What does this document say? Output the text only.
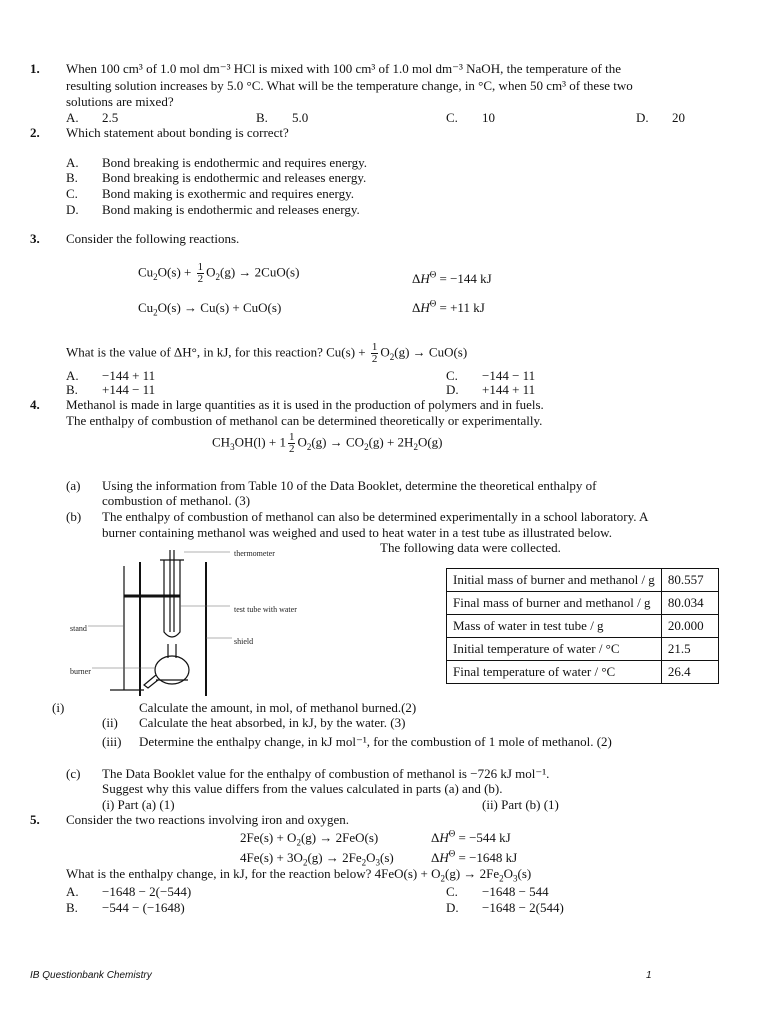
1. When 100 cm³ of 1.0 mol dm⁻³ HCl is mixed with 100 cm³ of 1.0 mol dm⁻³ NaOH, the temperature of the
resulting solution increases by 5.0 °C. What will be the temperature change, in °C, when 50 cm³ of these two
solutions are mixed?
A. 2.5	B. 5.0	C. 10	D. 20
2. Which statement about bonding is correct?
A. Bond breaking is endothermic and requires energy.
B. Bond breaking is endothermic and releases energy.
C. Bond making is exothermic and requires energy.
D. Bond making is endothermic and releases energy.
3. Consider the following reactions.
$Cu_2O(s) + \frac{1}{2} O_2(g) \to 2CuO(s)$	$\Delta H^\Theta = -144$ kJ
$Cu_2O(s) \to Cu(s) + CuO(s)$	$\Delta H^\Theta = +11$ kJ
What is the value of ΔH°, in kJ, for this reaction? $Cu(s) + \frac{1}{2} O_2(g) \to CuO(s)$
A. −144 + 11
B. +144 − 11
C. −144 − 11
D. +144 + 11
4. Methanol is made in large quantities as it is used in the production of polymers and in fuels.
The enthalpy of combustion of methanol can be determined theoretically or experimentally.
$CH_3OH(l) + 1 \frac{1}{2} O_2(g) \to CO_2(g) + 2H_2O(g)$
(a) Using the information from Table 10 of the Data Booklet, determine the theoretical enthalpy of
combustion of methanol. (3)
(b) The enthalpy of combustion of methanol can also be determined experimentally in a school laboratory. A
burner containing methanol was weighed and used to heat water in a test tube as illustrated below.
The following data were collected.
thermometer
test tube with water
stand
shield
burner
Initial mass of burner and methanol / g	80.557
Final mass of burner and methanol / g	80.034
Mass of water in test tube / g	20.000
Initial temperature of water / °C	21.5
Final temperature of water / °C	26.4
(i)	Calculate the amount, in mol, of methanol burned.(2)
(ii) Calculate the heat absorbed, in kJ, by the water. (3)
(iii) Determine the enthalpy change, in kJ mol⁻¹, for the combustion of 1 mole of methanol. (2)
(c) The Data Booklet value for the enthalpy of combustion of methanol is −726 kJ mol⁻¹.
Suggest why this value differs from the values calculated in parts (a) and (b).
(i) Part (a) (1)	(ii) Part (b) (1)
5. Consider the two reactions involving iron and oxygen.
$2Fe(s) + O_2(g) \to 2FeO(s)$	$\Delta H^\Theta = -544$ kJ
$4Fe(s) + 3O_2(g) \to 2Fe_2O_3(s)$	$\Delta H^\Theta = -1648$ kJ
What is the enthalpy change, in kJ, for the reaction below? $4FeO(s) + O_2(g) \to 2Fe_2O_3(s)$
A. −1648 − 2(−544)
B. −544 − (−1648)
C. −1648 − 544
D. −1648 − 2(544)
IB Questionbank Chemistry	1
